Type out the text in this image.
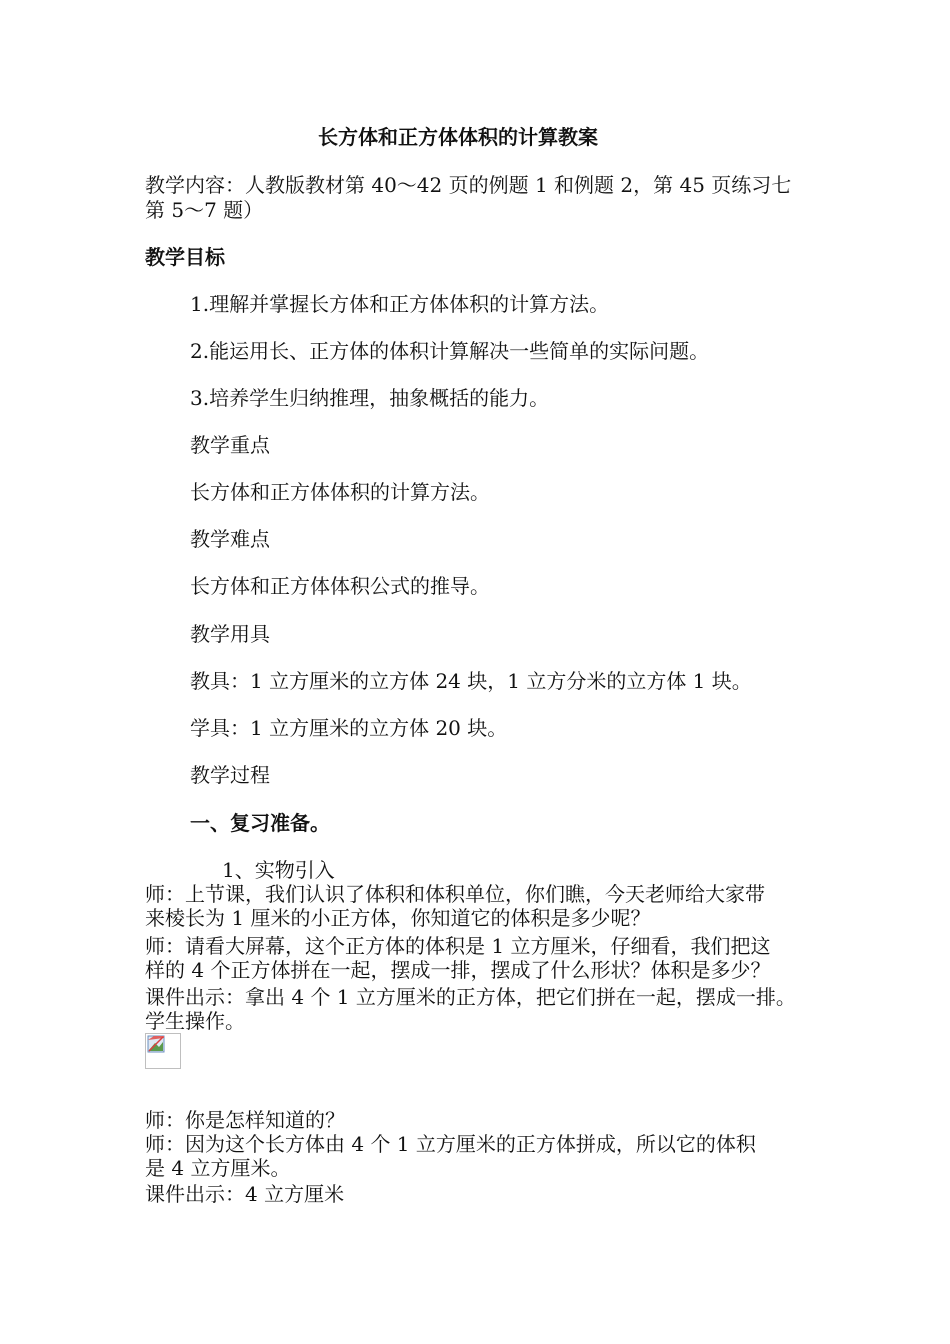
长方体和正方体体积的计算教案
教学内容：人教版教材第 40～42 页的例题 1 和例题 2，第 45 页练习七
第 5～7 题）
教学目标
1.理解并掌握长方体和正方体体积的计算方法。
2.能运用长、正方体的体积计算解决一些简单的实际问题。
3.培养学生归纳推理，抽象概括的能力。
教学重点
长方体和正方体体积的计算方法。
教学难点
长方体和正方体体积公式的推导。
教学用具
教具：1 立方厘米的立方体 24 块，1 立方分米的立方体 1 块。
学具：1 立方厘米的立方体 20 块。
教学过程
一、复习准备。
1、实物引入
师：上节课，我们认识了体积和体积单位，你们瞧，今天老师给大家带
来棱长为 1 厘米的小正方体，你知道它的体积是多少呢？
师：请看大屏幕，这个正方体的体积是 1 立方厘米，仔细看，我们把这
样的 4 个正方体拼在一起，摆成一排，摆成了什么形状？体积是多少？
课件出示：拿出 4 个 1 立方厘米的正方体，把它们拼在一起，摆成一排。
学生操作。
师：你是怎样知道的？
师：因为这个长方体由 4 个 1 立方厘米的正方体拼成，所以它的体积
是 4 立方厘米。
课件出示：4 立方厘米
